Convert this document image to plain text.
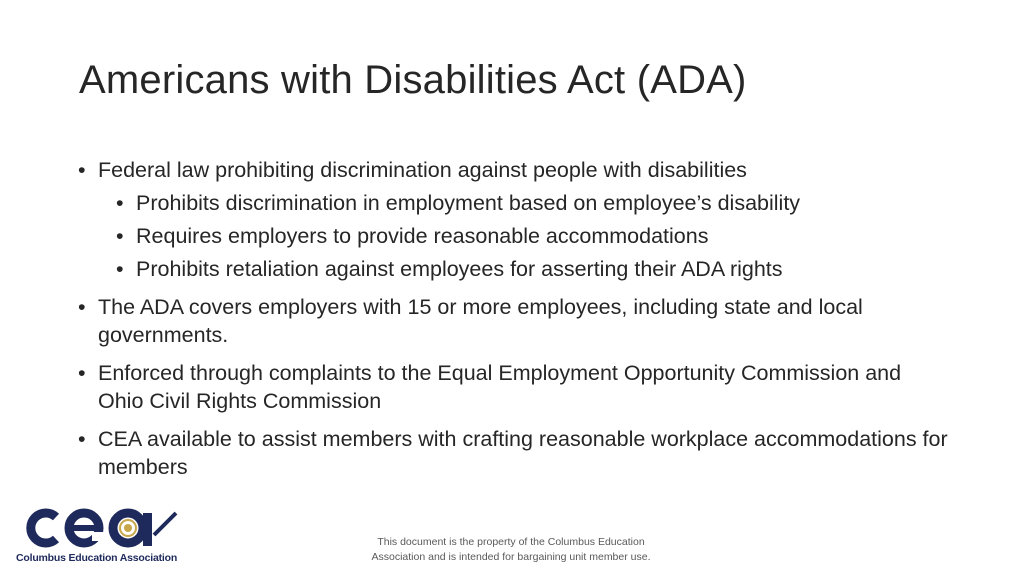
Americans with Disabilities Act (ADA)
• Federal law prohibiting discrimination against people with disabilities
• Prohibits discrimination in employment based on employee’s disability
• Requires employers to provide reasonable accommodations
• Prohibits retaliation against employees for asserting their ADA rights
• The ADA covers employers with 15 or more employees, including state and local governments.
• Enforced through complaints to the Equal Employment Opportunity Commission and Ohio Civil Rights Commission
• CEA available to assist members with crafting reasonable workplace accommodations for members
Columbus Education Association
This document is the property of the Columbus Education
Association and is intended for bargaining unit member use.
